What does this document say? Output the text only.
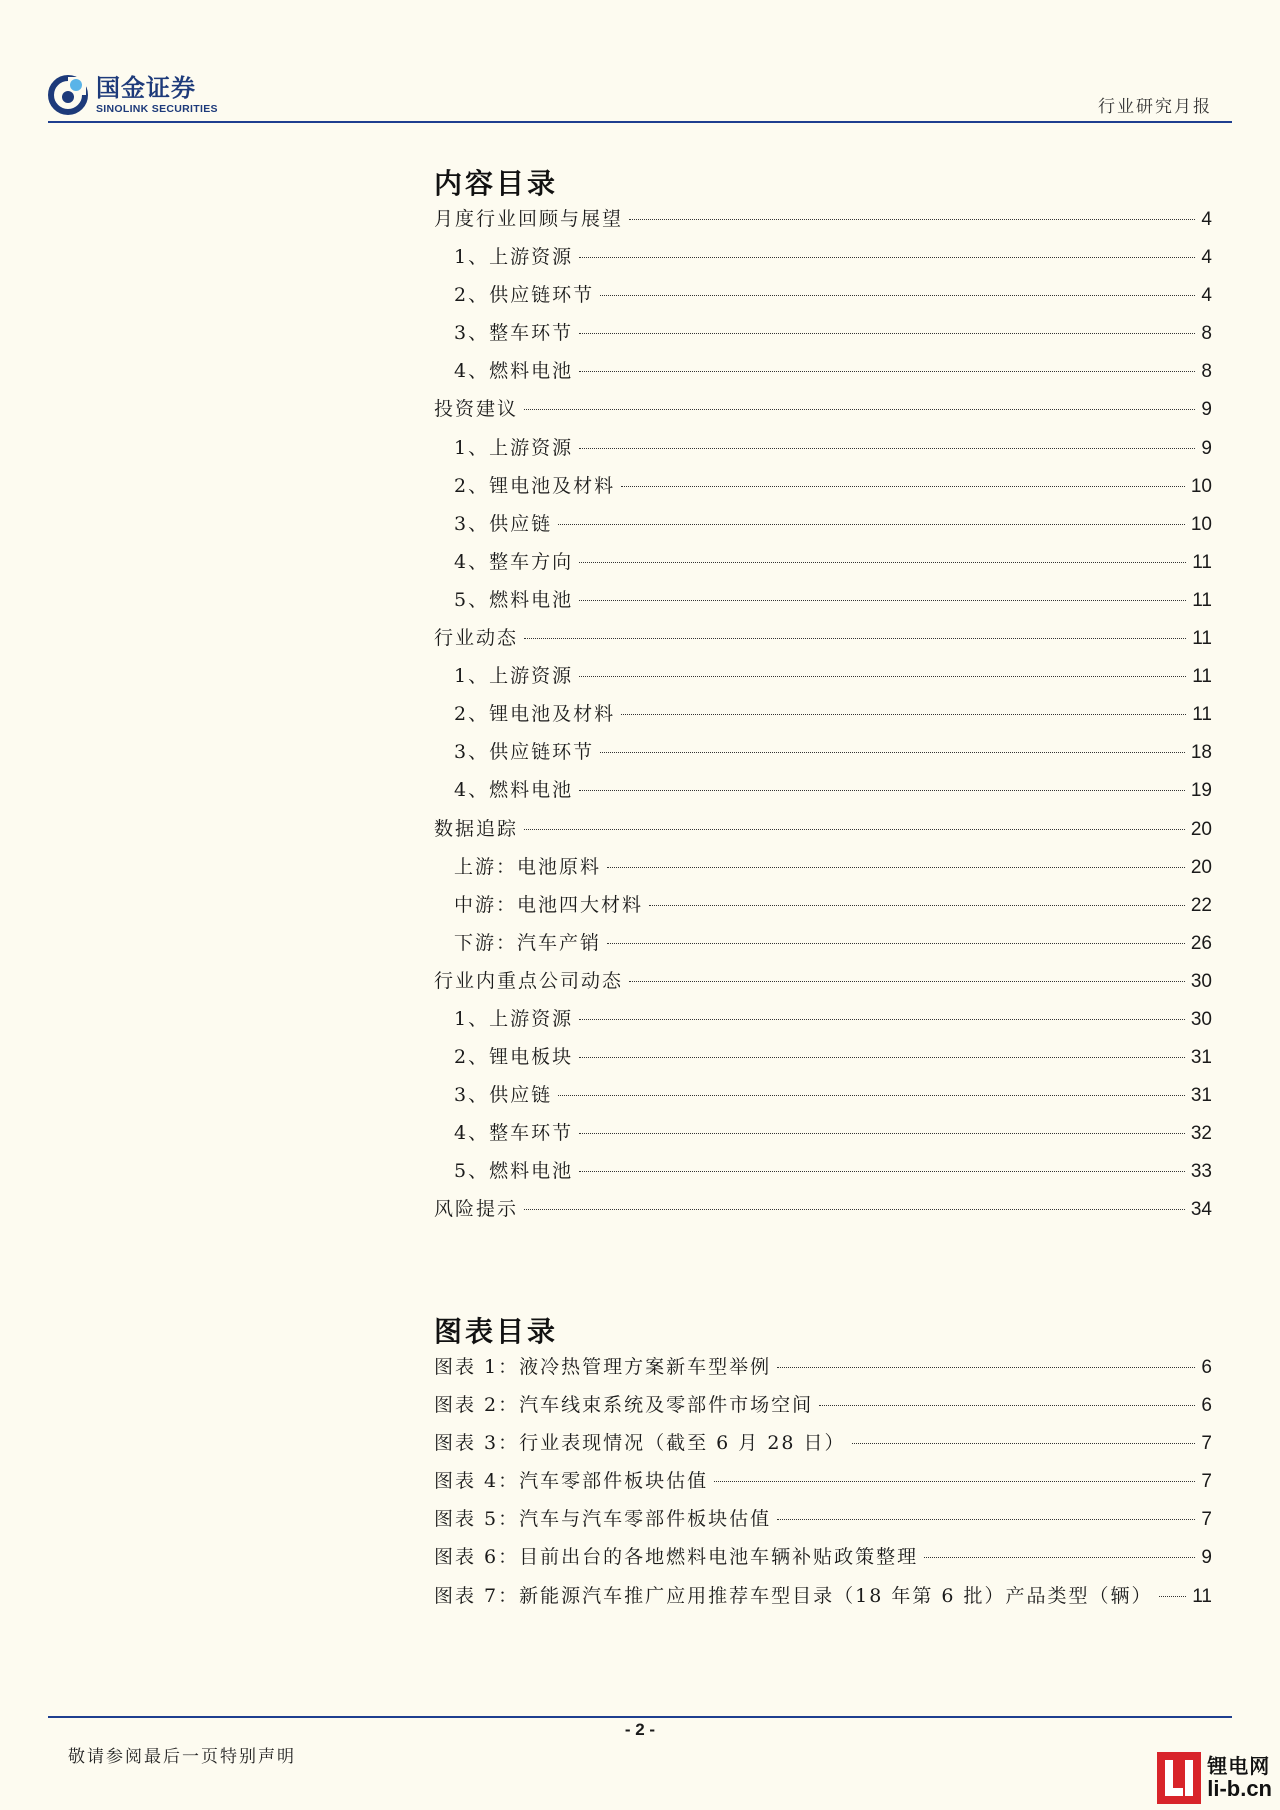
国金证券
SINOLINK SECURITIES	行业研究月报
内容目录
月度行业回顾与展望	4
1、上游资源	4
2、供应链环节	4
3、整车环节	8
4、燃料电池	8
投资建议	9
1、上游资源	9
2、锂电池及材料	10
3、供应链	10
4、整车方向	11
5、燃料电池	11
行业动态	11
1、上游资源	11
2、锂电池及材料	11
3、供应链环节	18
4、燃料电池	19
数据追踪	20
上游：电池原料	20
中游：电池四大材料	22
下游：汽车产销	26
行业内重点公司动态	30
1、上游资源	30
2、锂电板块	31
3、供应链	31
4、整车环节	32
5、燃料电池	33
风险提示	34
图表目录
图表 1：液冷热管理方案新车型举例	6
图表 2：汽车线束系统及零部件市场空间	6
图表 3：行业表现情况（截至 6 月 28 日）	7
图表 4：汽车零部件板块估值	7
图表 5：汽车与汽车零部件板块估值	7
图表 6：目前出台的各地燃料电池车辆补贴政策整理	9
图表 7：新能源汽车推广应用推荐车型目录（18 年第 6 批）产品类型（辆） 11
- 2 -
敬请参阅最后一页特别声明	锂电网
li-b.cn
